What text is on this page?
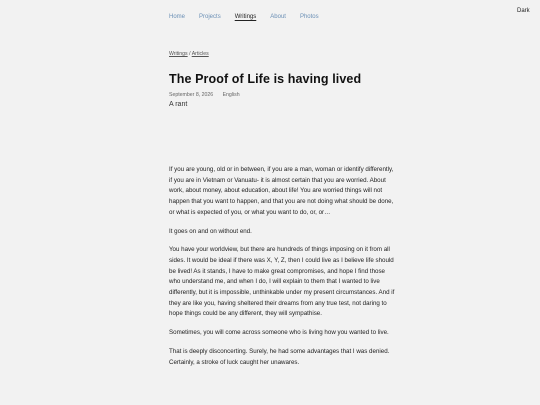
Dark
Home Projects Writings About Photos
Writings / Articles
The Proof of Life is having lived
September 8, 2026 English
A rant

If you are young, old or in between, if you are a man, woman or identify differently, if you are in Vietnam or Vanuatu- it is almost certain that you are worried. About work, about money, about education, about life! You are worried things will not happen that you want to happen, and that you are not doing what should be done, or what is expected of you, or what you want to do, or, or…

It goes on and on without end.

You have your worldview, but there are hundreds of things imposing on it from all sides. It would be ideal if there was X, Y, Z, then I could live as I believe life should be lived! As it stands, I have to make great compromises, and hope I find those who understand me, and when I do, I will explain to them that I wanted to live differently, but it is impossible, unthinkable under my present circumstances. And if they are like you, having sheltered their dreams from any true test, not daring to hope things could be any different, they will sympathise.

Sometimes, you will come across someone who is living how you wanted to live.

That is deeply disconcerting. Surely, he had some advantages that I was denied. Certainly, a stroke of luck caught her unawares.
